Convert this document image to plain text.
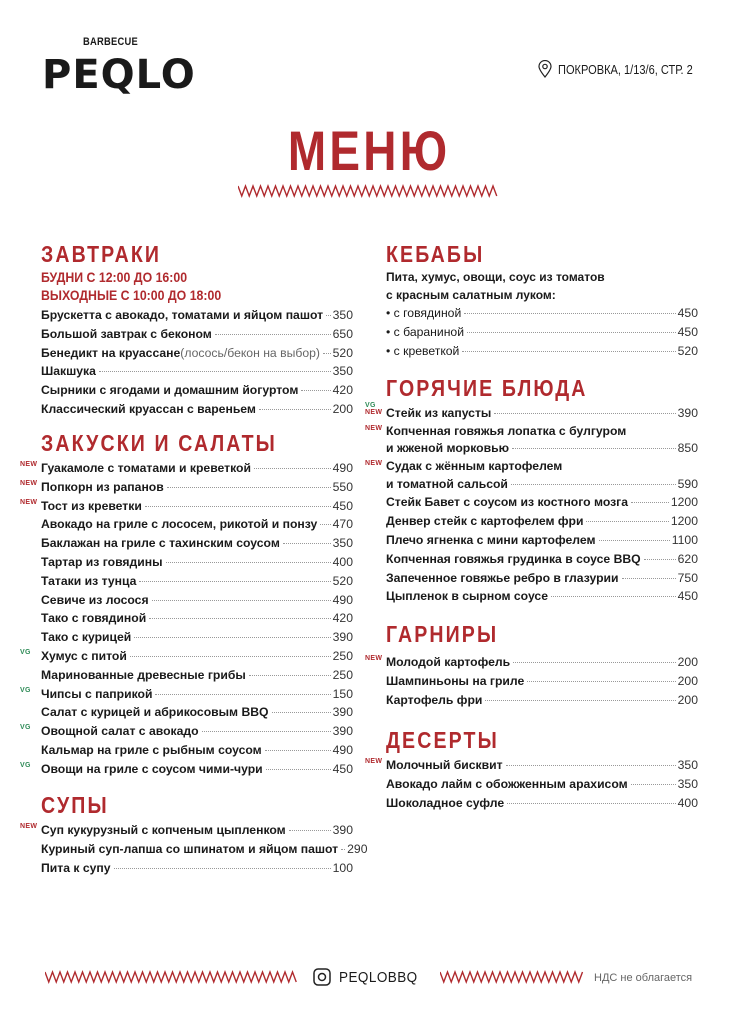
BARBECUE
PEQLO	ПОКРОВКА, 1/13/6, СТР. 2
МЕНЮ
ЗАВТРАКИ
БУДНИ С 12:00 ДО 16:00
ВЫХОДНЫЕ С 10:00 ДО 18:00
Брускетта с авокадо, томатами и яйцом пашот 350
Большой завтрак с беконом	650
Бенедикт на круассане (лосось/бекон на выбор) 520
Шакшука	350
Сырники с ягодами и домашним йогуртом	420
Классический круассан с вареньем	200
ЗАКУСКИ И САЛАТЫ
NEW Гуакамоле с томатами и креветкой	490
NEW Попкорн из рапанов	550
NEW Тост из креветки	450
Авокадо на гриле с лососем, рикотой и понзу 470
Баклажан на гриле с тахинским соусом	350
Тартар из говядины	400
Татаки из тунца	520
Севиче из лосося	490
Тако с говядиной	420
Тако с курицей	390
VG Хумус с питой	250
Маринованные древесные грибы	250
VG Чипсы с паприкой	150
Салат с курицей и абрикосовым BBQ	390
VG Овощной салат с авокадо	390
Кальмар на гриле с рыбным соусом	490
VG Овощи на гриле с соусом чими-чури	450
СУПЫ
NEW Суп кукурузный с копченым цыпленком	390
Куриный суп-лапша со шпинатом и яйцом пашот 290
Пита к супу	100
КЕБАБЫ
Пита, хумус, овощи, соус из томатов
с красным салатным луком:
• с говядиной	450
• с бараниной	450
• с креветкой	520
ГОРЯЧИЕ БЛЮДА
VG
NEW Стейк из капусты	390
NEW Копченная говяжья лопатка с булгуром
и жженой морковью	850
NEW Судак с жённым картофелем
и томатной сальсой	590
Стейк Бавет с соусом из костного мозга	1200
Денвер стейк с картофелем фри	1200
Плечо ягненка с мини картофелем	1100
Копченная говяжья грудинка в соусе BBQ	620
Запеченное говяжье ребро в глазурии	750
Цыпленок в сырном соусе	450
ГАРНИРЫ
NEW Молодой картофель	200
Шампиньоны на гриле	200
Картофель фри	200
ДЕСЕРТЫ
NEW Молочный бисквит	350
Авокадо лайм с обожженным арахисом	350
Шоколадное суфле	400
PEQLOBBQ	НДС не облагается
